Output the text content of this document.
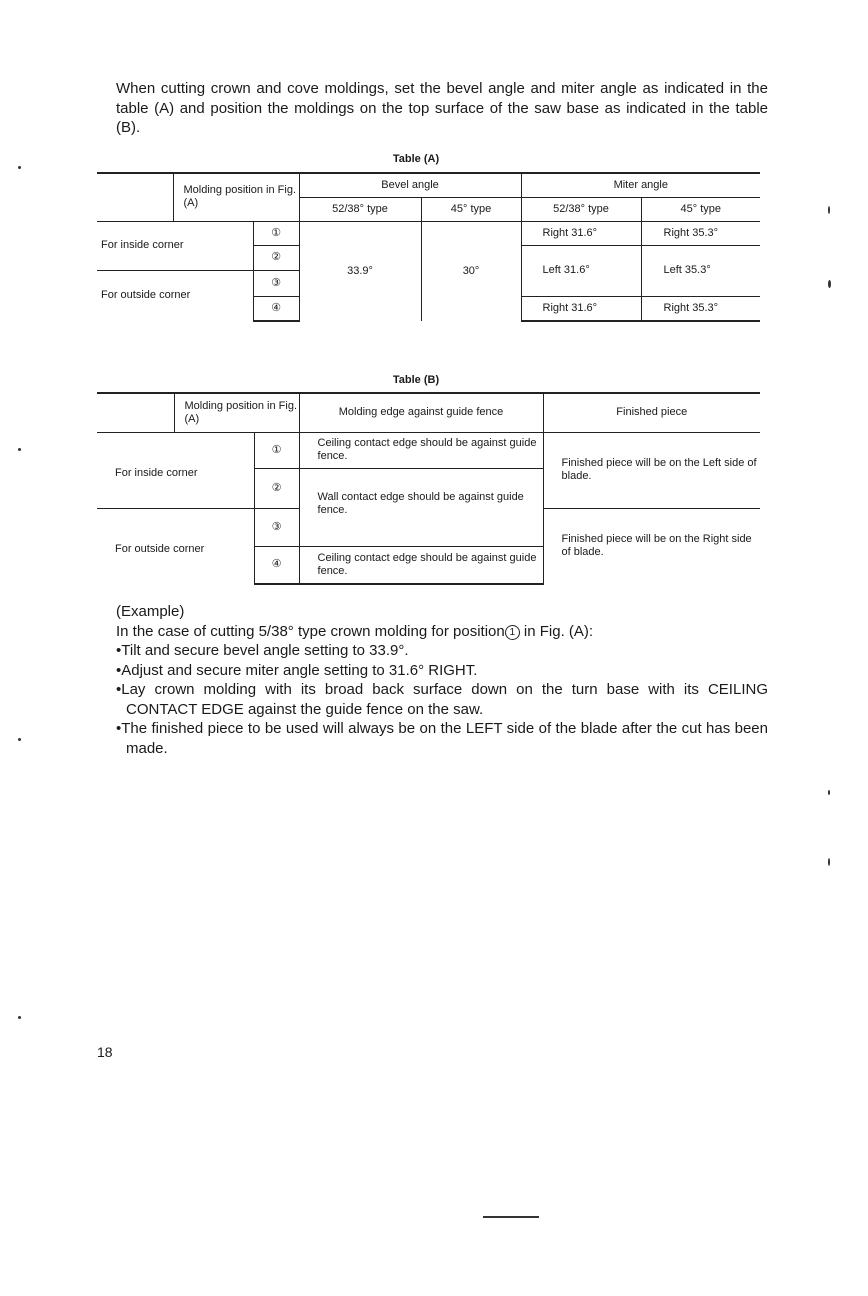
When cutting crown and cove moldings, set the bevel angle and miter angle as indicated in the table (A) and position the moldings on the top surface of the saw base as indicated in the table (B).

Table (A)
	Molding position in Fig. (A)		Bevel angle		Miter angle	
			52/38° type	45° type	52/38° type	45° type
For inside corner		①	33.9°	30°	Right 31.6°	Right 35.3°
		②			Left 31.6°	Left 35.3°
For outside corner		③				
		④			Right 31.6°	Right 35.3°
Table (B)
	Molding position in Fig. (A)		Molding edge against guide fence	Finished piece
For inside corner		①	Ceiling contact edge should be against guide fence.	Finished piece will be on the Left side of blade.
		②	Wall contact edge should be against guide fence.	
For outside corner		③		Finished piece will be on the Right side of blade.
		④	Ceiling contact edge should be against guide fence.	

(Example)

In the case of cutting 5/38° type crown molding for position 1 in Fig. (A):

•Tilt and secure bevel angle setting to 33.9°.

•Adjust and secure miter angle setting to 31.6° RIGHT.

•Lay crown molding with its broad back surface down on the turn base with its CEILING CONTACT EDGE against the guide fence on the saw.

•The finished piece to be used will always be on the LEFT side of the blade after the cut has been made.

18
